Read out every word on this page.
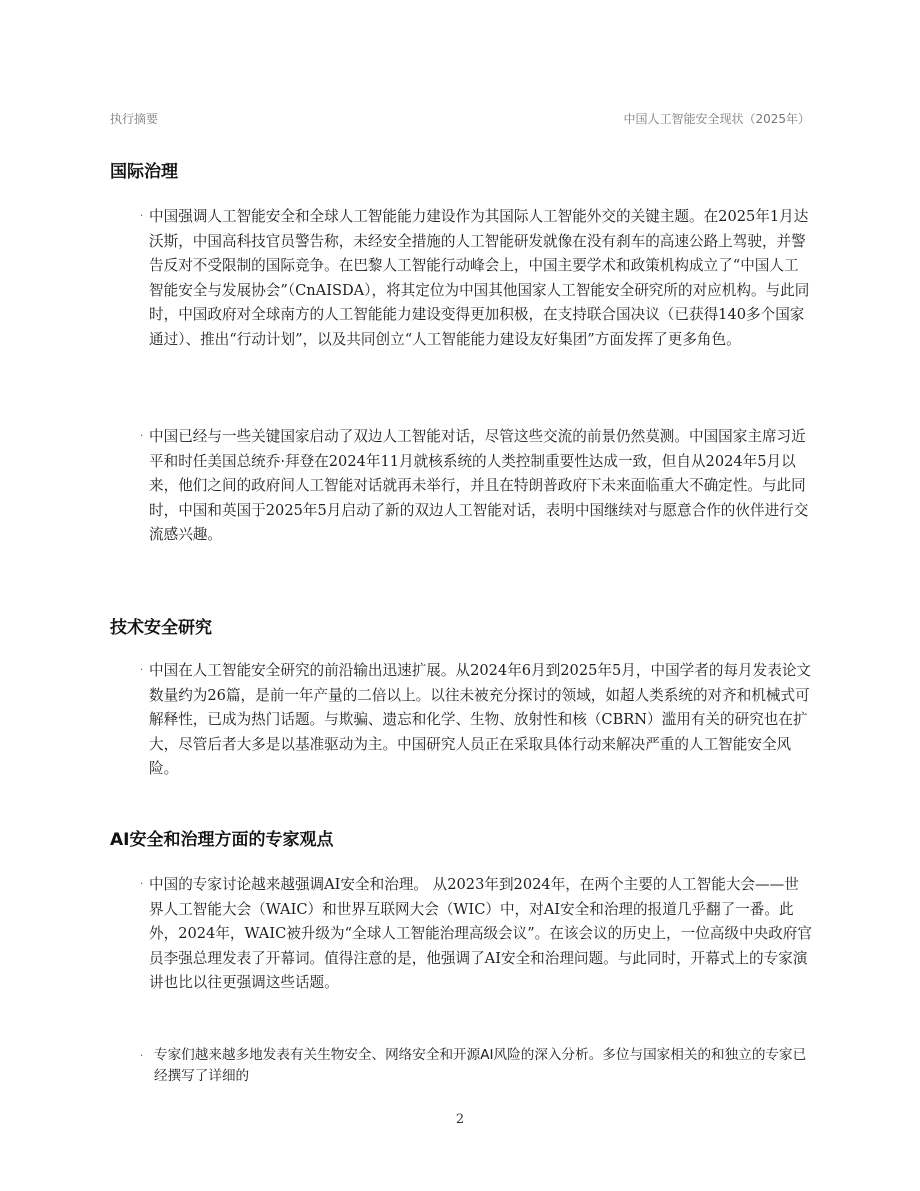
执行摘要	中国人工智能安全现状（2025年）
国际治理
· 中国强调人工智能安全和全球人工智能能力建设作为其国际人工智能外交的关键主题。在2025年1月达沃斯，中国高科技官员警告称，未经安全措施的人工智能研发就像在没有刹车的高速公路上驾驶，并警告反对不受限制的国际竞争。在巴黎人工智能行动峰会上，中国主要学术和政策机构成立了“中国人工智能安全与发展协会”（CnAISDA），将其定位为中国其他国家人工智能安全研究所的对应机构。与此同时，中国政府对全球南方的人工智能能力建设变得更加积极，在支持联合国决议（已获得140多个国家通过）、推出“行动计划”，以及共同创立“人工智能能力建设友好集团”方面发挥了更多角色。
· 中国已经与一些关键国家启动了双边人工智能对话，尽管这些交流的前景仍然莫测。中国国家主席习近平和时任美国总统乔·拜登在2024年11月就核系统的人类控制重要性达成一致，但自从2024年5月以来，他们之间的政府间人工智能对话就再未举行，并且在特朗普政府下未来面临重大不确定性。与此同时，中国和英国于2025年5月启动了新的双边人工智能对话，表明中国继续对与愿意合作的伙伴进行交流感兴趣。
技术安全研究
· 中国在人工智能安全研究的前沿输出迅速扩展。从2024年6月到2025年5月，中国学者的每月发表论文数量约为26篇，是前一年产量的二倍以上。以往未被充分探讨的领域，如超人类系统的对齐和机械式可解释性，已成为热门话题。与欺骗、遗忘和化学、生物、放射性和核（CBRN）滥用有关的研究也在扩大，尽管后者大多是以基准驱动为主。中国研究人员正在采取具体行动来解决严重的人工智能安全风险。
AI安全和治理方面的专家观点
· 中国的专家讨论越来越强调AI安全和治理。 从2023年到2024年，在两个主要的人工智能大会——世界人工智能大会（WAIC）和世界互联网大会（WIC）中，对AI安全和治理的报道几乎翻了一番。此外，2024年，WAIC被升级为“全球人工智能治理高级会议”。在该会议的历史上，一位高级中央政府官员李强总理发表了开幕词。值得注意的是，他强调了AI安全和治理问题。与此同时，开幕式上的专家演讲也比以往更强调这些话题。
· 专家们越来越多地发表有关生物安全、网络安全和开源AI风险的深入分析。多位与国家相关的和独立的专家已经撰写了详细的
2
